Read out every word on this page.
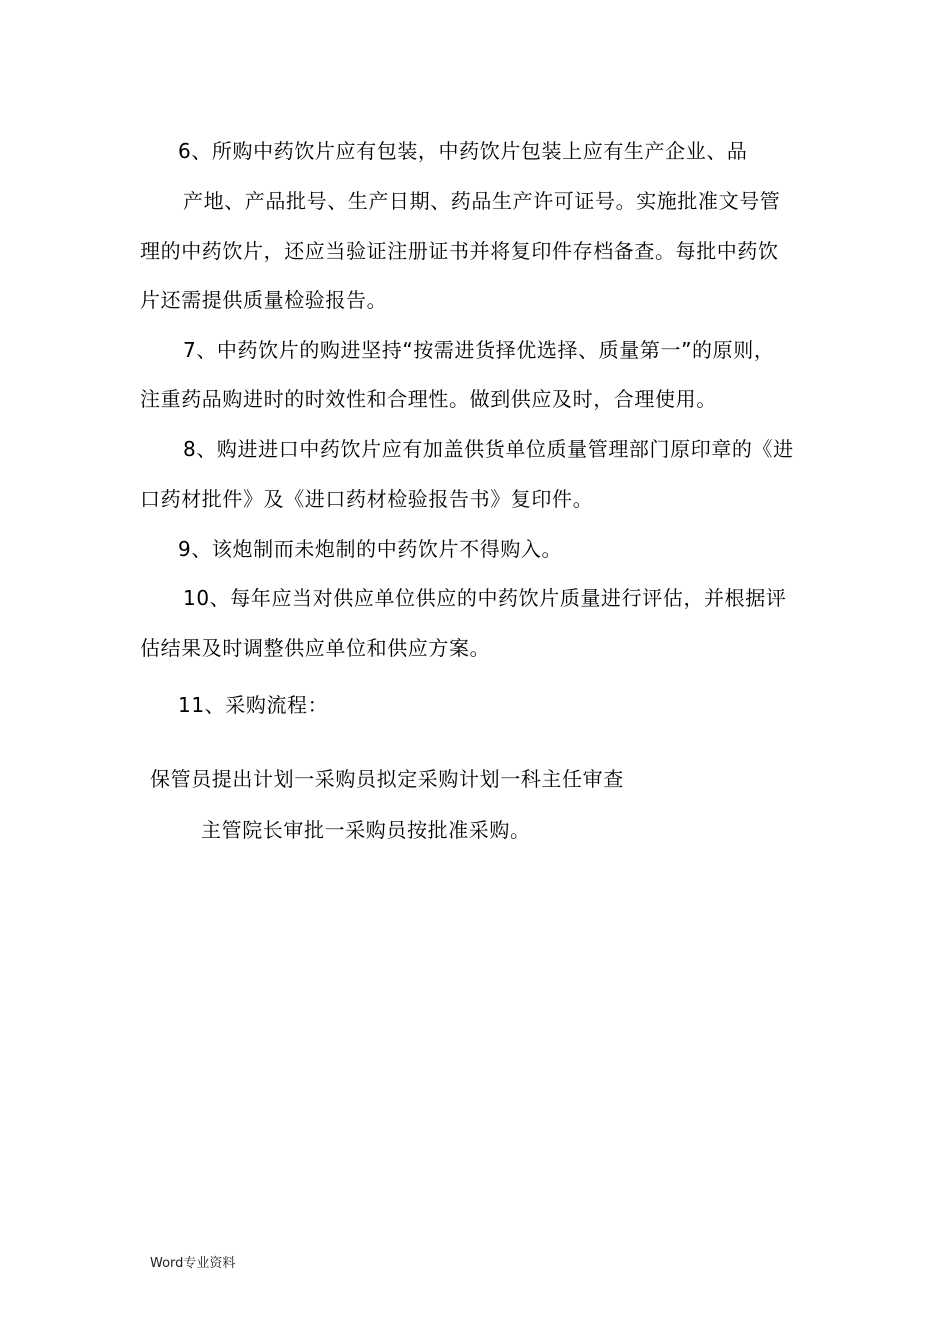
6、所购中药饮片应有包装，中药饮片包装上应有生产企业、品
产地、产品批号、生产日期、药品生产许可证号。实施批准文号管
理的中药饮片，还应当验证注册证书并将复印件存档备查。每批中药饮
片还需提供质量检验报告。
7、中药饮片的购进坚持“按需进货择优选择、质量第一”的原则，
注重药品购进时的时效性和合理性。做到供应及时，合理使用。
8、购进进口中药饮片应有加盖供货单位质量管理部门原印章的《进
口药材批件》及《进口药材检验报告书》复印件。
9、该炮制而未炮制的中药饮片不得购入。
10、每年应当对供应单位供应的中药饮片质量进行评估，并根据评
估结果及时调整供应单位和供应方案。
11、采购流程：
保管员提出计划一采购员拟定采购计划一科主任审查
主管院长审批一采购员按批准采购。
Word专业资料
